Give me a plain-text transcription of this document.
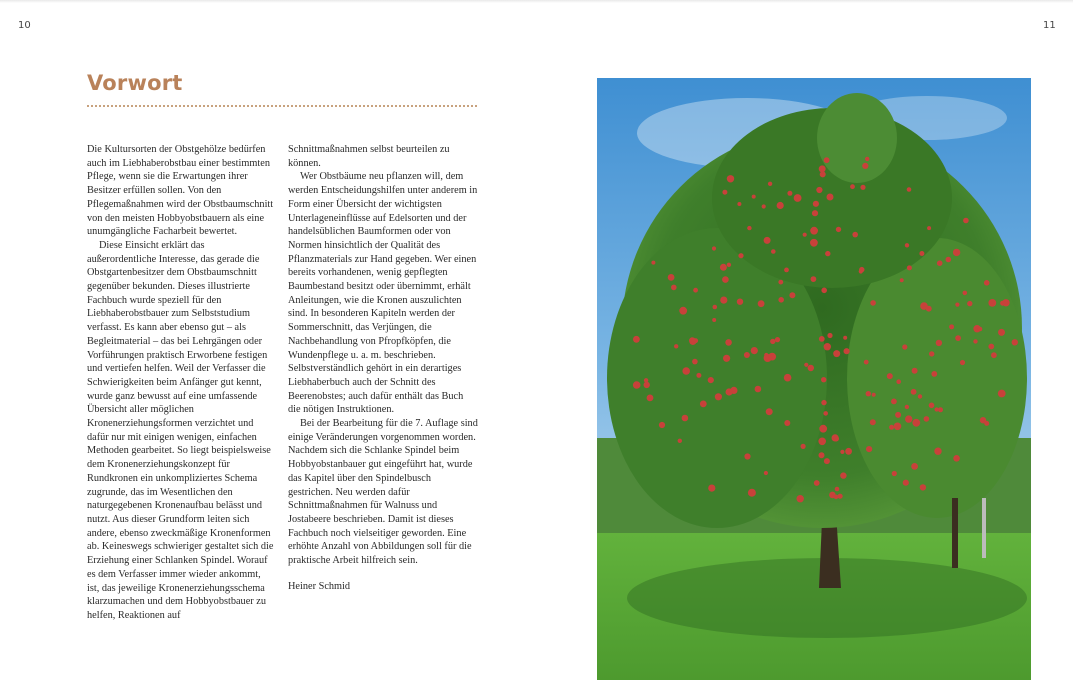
10	11
Vorwort

Die Kultursorten der Obstgehölze bedürfen auch im Liebhaberobstbau einer bestimmten Pflege, wenn sie die Erwartungen ihrer Besitzer erfüllen sollen. Von den Pflegemaßnahmen wird der Obstbaumschnitt von den meisten Hobbyobstbauern als eine unumgängliche Facharbeit bewertet.

Diese Einsicht erklärt das außerordentliche Interesse, das gerade die Obstgartenbesitzer dem Obstbaumschnitt gegenüber bekunden. Dieses illustrierte Fachbuch wurde speziell für den Liebhaberobstbauer zum Selbststudium verfasst. Es kann aber ebenso gut – als Begleitmaterial – das bei Lehrgängen oder Vorführungen praktisch Erworbene festigen und vertiefen helfen. Weil der Verfasser die Schwierigkeiten beim Anfänger gut kennt, wurde ganz bewusst auf eine umfassende Übersicht aller möglichen Kronenerziehungsformen verzichtet und dafür nur mit einigen wenigen, einfachen Methoden gearbeitet. So liegt beispielsweise dem Kronenerziehungskonzept für Rundkronen ein unkompliziertes Schema zugrunde, das im Wesentlichen den naturgegebenen Kronenaufbau belässt und nutzt. Aus dieser Grundform leiten sich andere, ebenso zweckmäßige Kronenformen ab. Keineswegs schwieriger gestaltet sich die Erziehung einer Schlanken Spindel. Worauf es dem Verfasser immer wieder ankommt, ist, das jeweilige Kronenerziehungsschema klarzumachen und dem Hobbyobstbauer zu helfen, Reaktionen auf

Schnittmaßnahmen selbst beurteilen zu können.

Wer Obstbäume neu pflanzen will, dem werden Entscheidungshilfen unter anderem in Form einer Übersicht der wichtigsten Unterlageneinflüsse auf Edelsorten und der handelsüblichen Baumformen oder von Normen hinsichtlich der Qualität des Pflanzmaterials zur Hand gegeben. Wer einen bereits vorhandenen, wenig gepflegten Baumbestand besitzt oder übernimmt, erhält Anleitungen, wie die Kronen auszulichten sind. In besonderen Kapiteln werden der Sommerschnitt, das Verjüngen, die Nachbehandlung von Pfropfköpfen, die Wundenpflege u. a. m. beschrieben. Selbstverständlich gehört in ein derartiges Liebhaberbuch auch der Schnitt des Beerenobstes; auch dafür enthält das Buch die nötigen Instruktionen.

Bei der Bearbeitung für die 7. Auflage sind einige Veränderungen vorgenommen worden. Nachdem sich die Schlanke Spindel beim Hobbyobstanbauer gut eingeführt hat, wurde das Kapitel über den Spindelbusch gestrichen. Neu werden dafür Schnittmaßnahmen für Walnuss und Jostabeere beschrieben. Damit ist dieses Fachbuch noch vielseitiger geworden. Eine erhöhte Anzahl von Abbildungen soll für die praktische Arbeit hilfreich sein.

Heiner Schmid
